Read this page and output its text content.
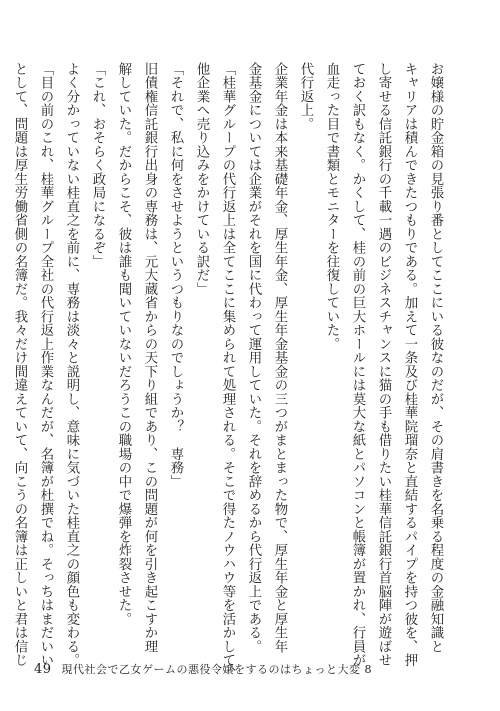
お嬢様の貯金箱の見張り番としてここにいる彼なのだが、その肩書きを名乗る程度の金融知識と
キャリアは積んできたつもりである。加えて一条及び桂華院瑠奈と直結するパイプを持つ彼を、押
し寄せる信託銀行の千載一遇のビジネスチャンスに猫の手も借りたい桂華信託銀行首脳陣が遊ばせ
ておく訳もなく。かくして、桂の前の巨大ホールには莫大な紙とパソコンと帳簿が置かれ、行員が
血走った目で書類とモニターを往復していた。
代行返上。
企業年金は本来基礎年金、厚生年金、厚生年金基金の三つがまとまった物で、厚生年金と厚生年
金基金については企業がそれを国に代わって運用していた。それを辞めるから代行返上である。
「桂華グループの代行返上は全てここに集められて処理される。そこで得たノウハウ等を活かして、
他企業へ売り込みをかけている訳だ」
「それで、私に何をさせようというつもりなのでしょうか？　専務」
旧債権信託銀行出身の専務は、元大蔵省からの天下り組であり、この問題が何を引き起こすか理
解していた。だからこそ、彼は誰も聞いていないだろうこの職場の中で爆弾を炸裂させた。
「これ、おそらく政局になるぞ」
よく分かっていない桂直之を前に、専務は淡々と説明し、意味に気づいた桂直之の顔色も変わる。
「目の前のこれ、桂華グループ全社の代行返上作業なんだが、名簿が杜撰でね。そっちはまだいい
として、問題は厚生労働省側の名簿だ。我々だけ間違えていて、向こうの名簿は正しいと君は信じ
49 現代社会で乙女ゲームの悪役令嬢をするのはちょっと大変 8
